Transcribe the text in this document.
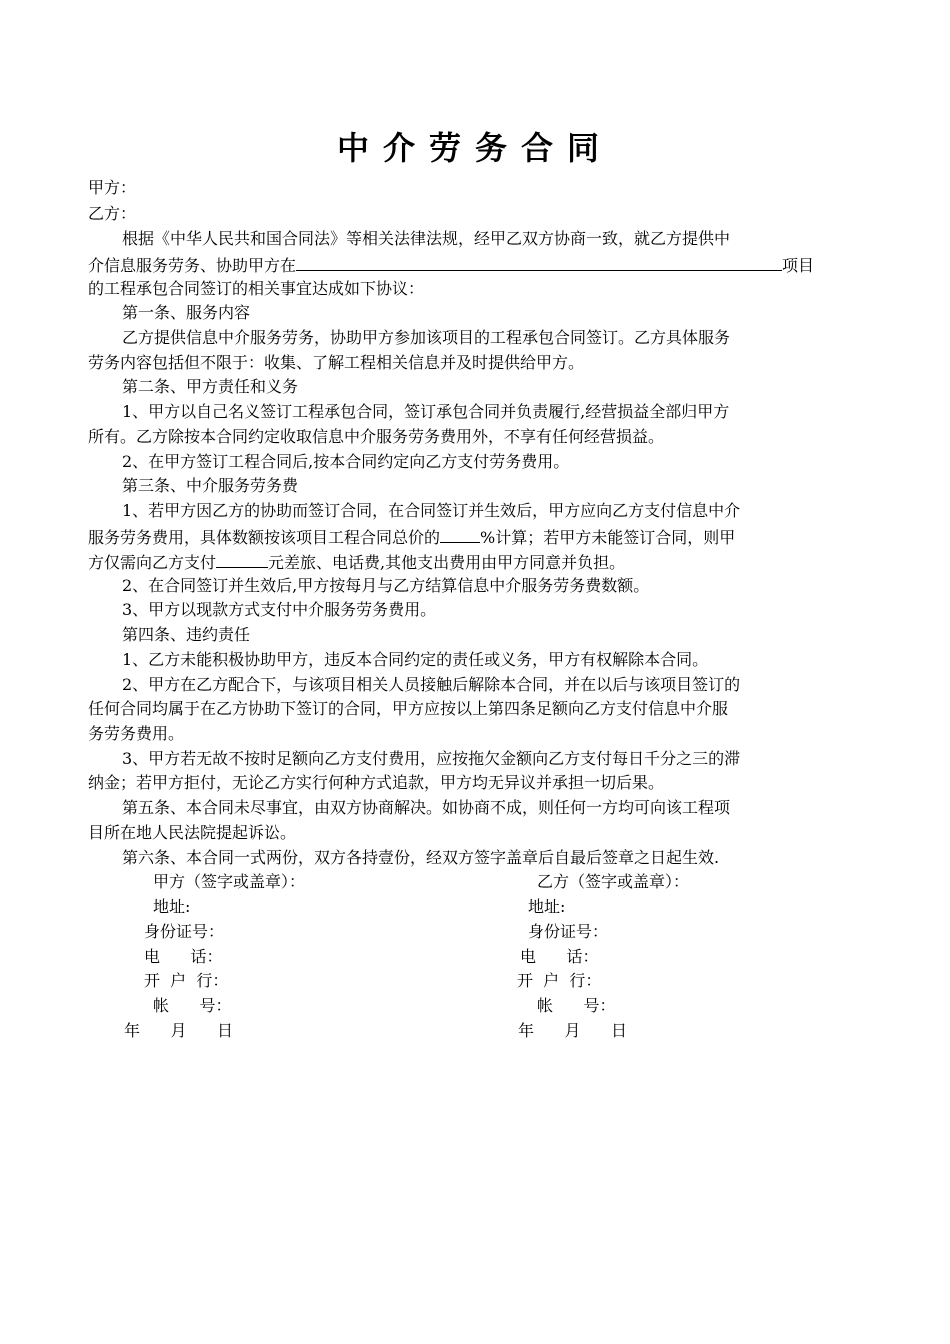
中介劳务合同
甲方：
乙方：
根据《中华人民共和国合同法》等相关法律法规，经甲乙双方协商一致，就乙方提供中
介信息服务劳务、协助甲方在	项目
的工程承包合同签订的相关事宜达成如下协议：
第一条、服务内容
乙方提供信息中介服务劳务，协助甲方参加该项目的工程承包合同签订。乙方具体服务
劳务内容包括但不限于：收集、了解工程相关信息并及时提供给甲方。
第二条、甲方责任和义务
1、甲方以自己名义签订工程承包合同，签订承包合同并负责履行,经营损益全部归甲方
所有。乙方除按本合同约定收取信息中介服务劳务费用外，不享有任何经营损益。
2、在甲方签订工程合同后,按本合同约定向乙方支付劳务费用。
第三条、中介服务劳务费
1、若甲方因乙方的协助而签订合同，在合同签订并生效后，甲方应向乙方支付信息中介
服务劳务费用，具体数额按该项目工程合同总价的	%计算；若甲方未能签订合同，则甲
方仅需向乙方支付	元差旅、电话费,其他支出费用由甲方同意并负担。
2、在合同签订并生效后,甲方按每月与乙方结算信息中介服务劳务费数额。
3、甲方以现款方式支付中介服务劳务费用。
第四条、违约责任
1、乙方未能积极协助甲方，违反本合同约定的责任或义务，甲方有权解除本合同。
2、甲方在乙方配合下，与该项目相关人员接触后解除本合同，并在以后与该项目签订的
任何合同均属于在乙方协助下签订的合同，甲方应按以上第四条足额向乙方支付信息中介服
务劳务费用。
3、甲方若无故不按时足额向乙方支付费用，应按拖欠金额向乙方支付每日千分之三的滞
纳金；若甲方拒付，无论乙方实行何种方式追款，甲方均无异议并承担一切后果。
第五条、本合同未尽事宜，由双方协商解决。如协商不成，则任何一方均可向该工程项
目所在地人民法院提起诉讼。
第六条、本合同一式两份，双方各持壹份，经双方签字盖章后自最后签章之日起生效.
甲方（签字或盖章）：
地址:
身份证号：
电      话：
开  户  行：
帐      号：
年      月      日
乙方（签字或盖章）：
地址:
身份证号：
电      话：
开  户  行：
帐      号：
年      月      日
